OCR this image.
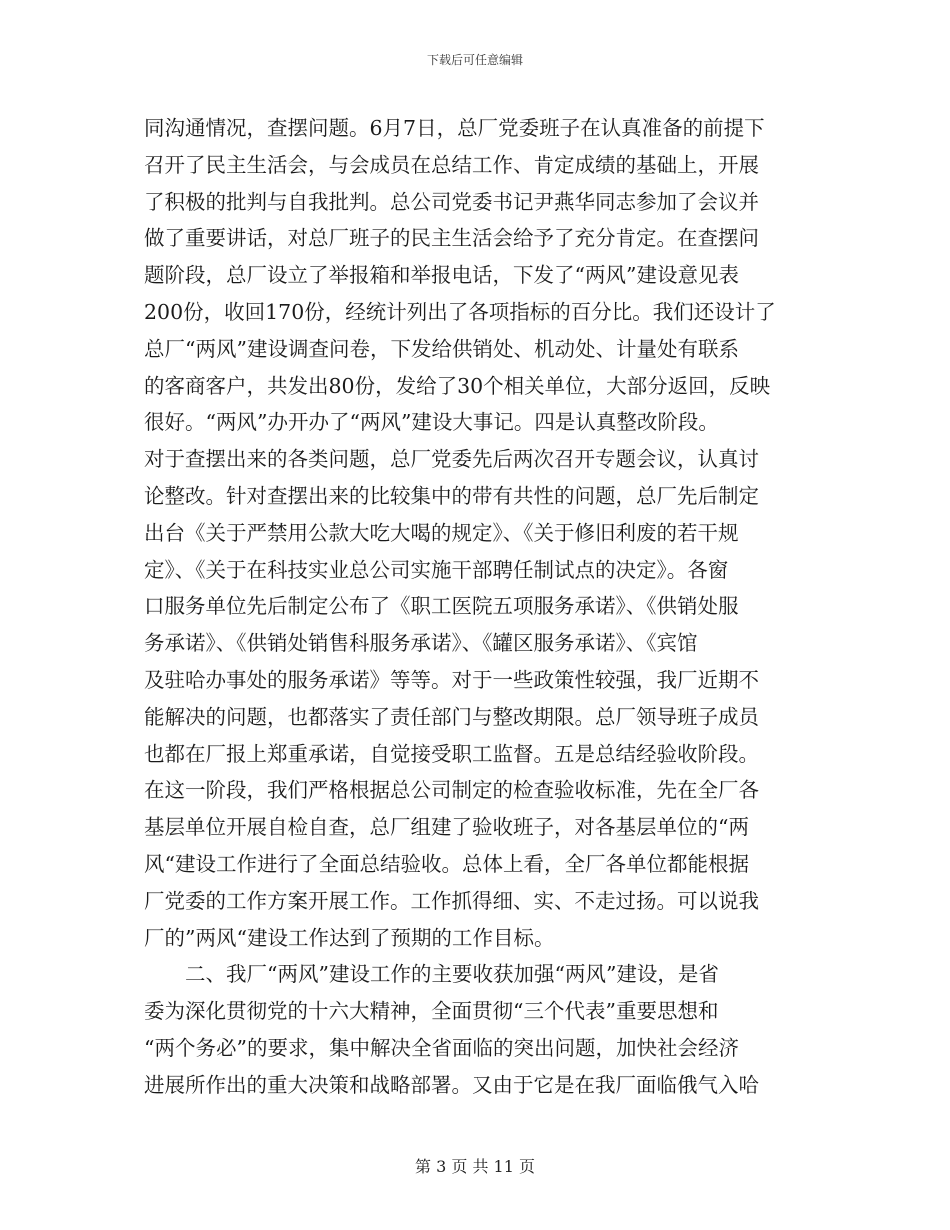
下载后可任意编辑
同沟通情况，查摆问题。6月7日，总厂党委班子在认真准备的前提下
召开了民主生活会，与会成员在总结工作、肯定成绩的基础上，开展
了积极的批判与自我批判。总公司党委书记尹燕华同志参加了会议并
做了重要讲话，对总厂班子的民主生活会给予了充分肯定。在查摆问
题阶段，总厂设立了举报箱和举报电话，下发了“两风”建设意见表
200份，收回170份，经统计列出了各项指标的百分比。我们还设计了
总厂“两风”建设调查问卷，下发给供销处、机动处、计量处有联系
的客商客户，共发出80份，发给了30个相关单位，大部分返回，反映
很好。“两风”办开办了“两风”建设大事记。四是认真整改阶段。
对于查摆出来的各类问题，总厂党委先后两次召开专题会议，认真讨
论整改。针对查摆出来的比较集中的带有共性的问题，总厂先后制定
出台《关于严禁用公款大吃大喝的规定》、《关于修旧利废的若干规
定》、《关于在科技实业总公司实施干部聘任制试点的决定》。各窗
口服务单位先后制定公布了《职工医院五项服务承诺》、《供销处服
务承诺》、《供销处销售科服务承诺》、《罐区服务承诺》、《宾馆
及驻哈办事处的服务承诺》等等。对于一些政策性较强，我厂近期不
能解决的问题，也都落实了责任部门与整改期限。总厂领导班子成员
也都在厂报上郑重承诺，自觉接受职工监督。五是总结经验收阶段。
在这一阶段，我们严格根据总公司制定的检查验收标准，先在全厂各
基层单位开展自检自查，总厂组建了验收班子，对各基层单位的“两
风“建设工作进行了全面总结验收。总体上看，全厂各单位都能根据
厂党委的工作方案开展工作。工作抓得细、实、不走过扬。可以说我
厂的”两风“建设工作达到了预期的工作目标。
　　二、我厂“两风”建设工作的主要收获加强“两风”建设，是省
委为深化贯彻党的十六大精神，全面贯彻“三个代表”重要思想和
“两个务必”的要求，集中解决全省面临的突出问题，加快社会经济
进展所作出的重大决策和战略部署。又由于它是在我厂面临俄气入哈
第 3 页 共 11 页
